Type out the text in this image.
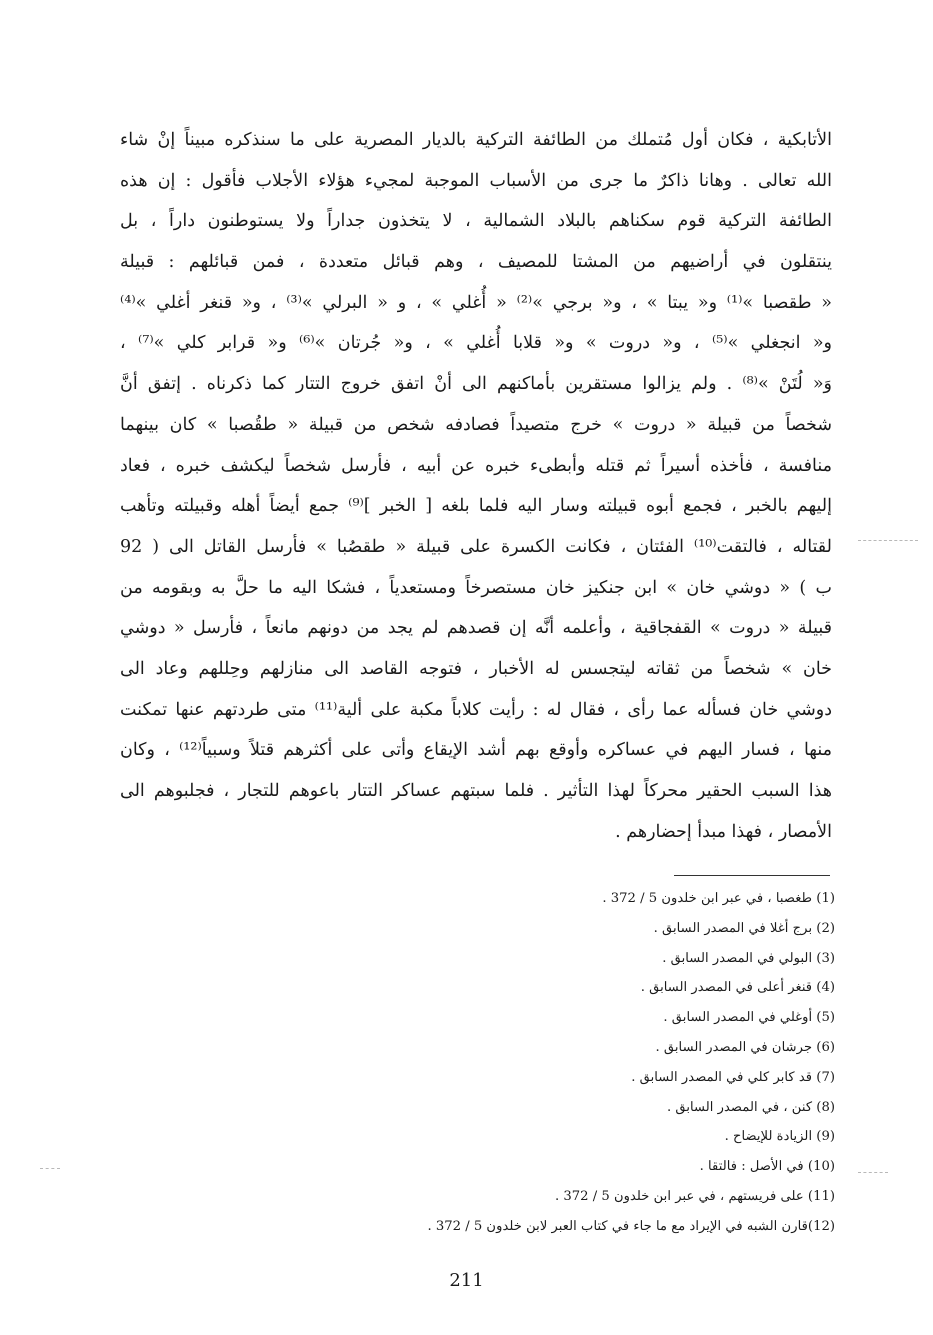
الأتابكية ، فكان أول مُتملك من الطائفة التركية بالديار المصرية على ما سنذكره مبيناً إنْ شاء
الله تعالى . وهانا ذاكرٌ ما جرى من الأسباب الموجبة لمجيء هؤلاء الأجلاب فأقول : إن هذه
الطائفة التركية قوم سكناهم بالبلاد الشمالية ، لا يتخذون جداراً ولا يستوطنون داراً ، بل
ينتقلون في أراضيهم من المشتا للمصيف ، وهم قبائل متعددة ، فمن قبائلهم : قبيلة
« طقصبا »⁽¹⁾ و« يبتا » ، و« برجي »⁽²⁾ « أُغلي » ، و « البرلي »⁽³⁾ ، و« قنغر أغلي »⁽⁴⁾
و« انجغلي »⁽⁵⁾ ، و« دروت » و« قلابا أُغلي » ، و« جُرتان »⁽⁶⁾ و« قرابر كلي »⁽⁷⁾ ،
وَ« لُتَنْ »⁽⁸⁾ . ولم يزالوا مستقرين بأماكنهم الى أنْ اتفق خروج التتار كما ذكرناه . إتفق أنَّ
شخصاً من قبيلة « دروت » خرج متصيداً فصادفه شخص من قبيلة « طقُصبا » كان بينهما
منافسة ، فأخذه أسيراً ثم قتله وأبطىء خبره عن أبيه ، فأرسل شخصاً ليكشف خبره ، فعاد
إليهم بالخبر ، فجمع أبوه قبيلته وسار اليه فلما بلغه [ الخبر ]⁽⁹⁾ جمع أيضاً أهله وقبيلته وتأهب
لقتاله ، فالتقت⁽¹⁰⁾ الفئتان ، فكانت الكسرة على قبيلة « طقصُبا » فأرسل القاتل الى ( 92
ب ) « دوشي خان » ابن جنكيز خان مستصرخاً ومستعدياً ، فشكا اليه ما حلَّ به وبقومه من
قبيلة « دروت » القفجاقية ، وأعلمه أنَّه إن قصدهم لم يجد من دونهم مانعاً ، فأرسل « دوشي
خان » شخصاً من ثقاته ليتجسس له الأخبار ، فتوجه القاصد الى منازلهم وحِللهم وعاد الى
دوشي خان فسأله عما رأى ، فقال له : رأيت كلاباً مكبة على ألية⁽¹¹⁾ متى طردتهم عنها تمكنت
منها ، فسار اليهم في عساكره وأوقع بهم أشد الإيقاع وأتى على أكثرهم قتلاً وسبياً⁽¹²⁾ ، وكان
هذا السبب الحقير محركاً لهذا التأثير . فلما سبتهم عساكر التتار باعوهم للتجار ، فجلبوهم الى
الأمصار ، فهذا مبدأ إحضارهم .
(1) طغصبا ، في عبر ابن خلدون 5 / 372 .
(2) برج أغلا في المصدر السابق .
(3) البولي في المصدر السابق .
(4) قنغر أعلى في المصدر السابق .
(5) أوغلي في المصدر السابق .
(6) جرشان في المصدر السابق .
(7) قد كابر كلي في المصدر السابق .
(8) كنن ، في المصدر السابق .
(9) الزيادة للإيضاح .
(10) في الأصل : فالتقا .
(11) على فريستهم ، في عبر ابن خلدون 5 / 372 .
(12)قارن الشبه في الإيراد مع ما جاء في كتاب العبر لابن خلدون 5 / 372 .
211
